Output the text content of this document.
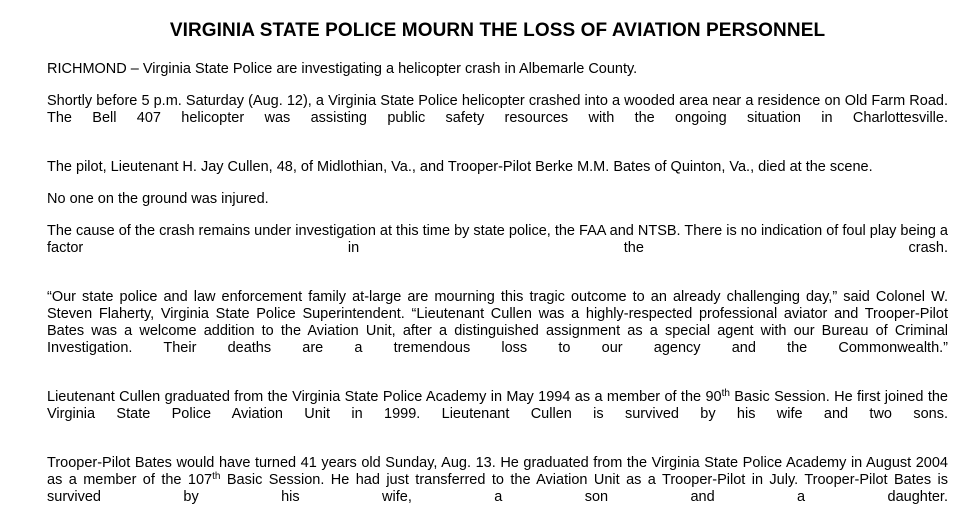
VIRGINIA STATE POLICE MOURN THE LOSS OF AVIATION PERSONNEL

RICHMOND – Virginia State Police are investigating a helicopter crash in Albemarle County.

Shortly before 5 p.m. Saturday (Aug. 12), a Virginia State Police helicopter crashed into a wooded area near a residence on Old Farm Road. The Bell 407 helicopter was assisting public safety resources with the ongoing situation in Charlottesville.

The pilot, Lieutenant H. Jay Cullen, 48, of Midlothian, Va., and Trooper-Pilot Berke M.M. Bates of Quinton, Va., died at the scene.

No one on the ground was injured.

The cause of the crash remains under investigation at this time by state police, the FAA and NTSB. There is no indication of foul play being a factor in the crash.

“Our state police and law enforcement family at-large are mourning this tragic outcome to an already challenging day,” said Colonel W. Steven Flaherty, Virginia State Police Superintendent. “Lieutenant Cullen was a highly-respected professional aviator and Trooper-Pilot Bates was a welcome addition to the Aviation Unit, after a distinguished assignment as a special agent with our Bureau of Criminal Investigation. Their deaths are a tremendous loss to our agency and the Commonwealth.”

Lieutenant Cullen graduated from the Virginia State Police Academy in May 1994 as a member of the 90th Basic Session. He first joined the Virginia State Police Aviation Unit in 1999. Lieutenant Cullen is survived by his wife and two sons.

Trooper-Pilot Bates would have turned 41 years old Sunday, Aug. 13. He graduated from the Virginia State Police Academy in August 2004 as a member of the 107th Basic Session. He had just transferred to the Aviation Unit as a Trooper-Pilot in July. Trooper-Pilot Bates is survived by his wife, a son and a daughter.
